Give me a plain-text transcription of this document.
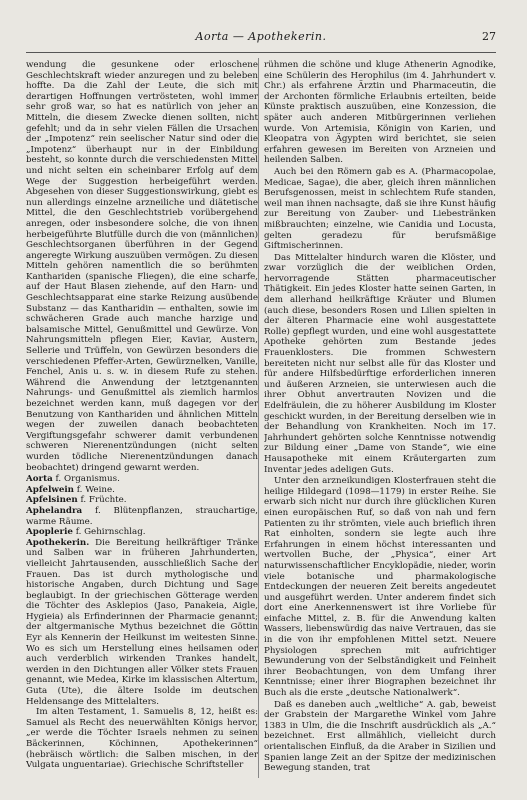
Aorta — Apothekerin.	27

wendung die gesunkene oder erloschene Geschlechtskraft wieder anzuregen und zu beleben hoffte. Da die Zahl der Leute, die sich mit derartigen Hoffnungen vertrösteten, wohl immer sehr groß war, so hat es natürlich von jeher an Mitteln, die diesem Zwecke dienen sollten, nicht gefehlt; und da in sehr vielen Fällen die Ursachen der „Impotenz“ rein seelischer Natur sind oder die „Impotenz“ überhaupt nur in der Einbildung besteht, so konnte durch die verschiedensten Mittel und nicht selten ein scheinbarer Erfolg auf dem Wege der Suggestion herbeigeführt werden. Abgesehen von dieser Suggestionswirkung, giebt es nun allerdings einzelne arzneiliche und diätetische Mittel, die den Geschlechtstrieb vorübergehend anregen, oder insbesondere solche, die von ihnen herbeigeführte Blutfülle durch die von (männlichen) Geschlechtsorganen überführen in der Gegend angeregte Wirkung auszuüben vermögen. Zu diesen Mitteln gehören namentlich die so berühmten Kanthariden (spanische Fliegen), die eine scharfe, auf der Haut Blasen ziehende, auf den Harn- und Geschlechtsapparat eine starke Reizung ausübende Substanz — das Kantharidin — enthalten, sowie im schwächeren Grade auch manche harzige und balsamische Mittel, Genußmittel und Gewürze. Von Nahrungsmitteln pflegen Eier, Kaviar, Austern, Sellerie und Trüffeln, von Gewürzen besonders die verschiedenen Pfeffer-Arten, Gewürznelken, Vanille, Fenchel, Anis u. s. w. in diesem Rufe zu stehen. Während die Anwendung der letztgenannten Nahrungs- und Genußmittel als ziemlich harmlos bezeichnet werden kann, muß dagegen vor der Benutzung von Kanthariden und ähnlichen Mitteln wegen der zuweilen danach beobachteten Vergiftungsgefahr schwerer damit verbundenen schweren Nierenentzündungen (nicht selten wurden tödliche Nierenentzündungen danach beobachtet) dringend gewarnt werden.

Aorta f. Organismus.

Apfelwein f. Weine.

Apfelsinen f. Früchte.

Aphelandra f. Blütenpflanzen, strauchartige, warme Räume.

Apoplerie f. Gehirnschlag.

Apothekerin. Die Bereitung heilkräftiger Tränke und Salben war in früheren Jahrhunderten, vielleicht Jahrtausenden, ausschließlich Sache der Frauen. Das ist durch mythologische und historische Angaben, durch Dichtung und Sage beglaubigt. In der griechischen Götterage werden die Töchter des Asklepios (Jaso, Panakeia, Aigle, Hygieia) als Erfinderinnen der Pharmacie genannt; der altgermanische Mythus bezeichnet die Göttin Eyr als Kennerin der Heilkunst im weitesten Sinne. Wo es sich um Herstellung eines heilsamen oder auch verderblich wirkenden Trankes handelt, werden in den Dichtungen aller Völker stets Frauen genannt, wie Medea, Kirke im klassischen Altertum, Guta (Ute), die ältere Isolde im deutschen Heldensange des Mittelalters.

Im alten Testament, 1. Samuelis 8, 12, heißt es: Samuel als Recht des neuerwählten Königs hervor, „er werde die Töchter Israels nehmen zu seinen Bäckerinnen, Köchinnen, Apothekerinnen“ (hebräisch wörtlich: die Salben mischen, in der Vulgata unguentariae). Griechische Schriftsteller

rühmen die schöne und kluge Athenerin Agnodike, eine Schülerin des Herophilus (im 4. Jahrhundert v. Chr.) als erfahrene Ärztin und Pharmaceutin, die der Archonten förmliche Erlaubnis erteilten, beide Künste praktisch auszuüben, eine Konzession, die später auch anderen Mitbürgerinnen verliehen wurde. Von Artemisia, Königin von Karien, und Kleopatra von Ägypten wird berichtet, sie seien erfahren gewesen im Bereiten von Arzneien und heilenden Salben.

Auch bei den Römern gab es A. (Pharmacopolae, Medicae, Sagae), die aber, gleich ihren männlichen Berufsgenossen, meist in schlechtem Rufe standen, weil man ihnen nachsagte, daß sie ihre Kunst häufig zur Bereitung von Zauber- und Liebestränken mißbrauchten; einzelne, wie Canidia und Locusta, gelten geradezu für berufsmäßige Giftmischerinnen.

Das Mittelalter hindurch waren die Klöster, und zwar vorzüglich die der weiblichen Orden, hervorragende Stätten pharmaceutischer Thätigkeit. Ein jedes Kloster hatte seinen Garten, in dem allerhand heilkräftige Kräuter und Blumen (auch diese, besonders Rosen und Lilien spielten in der älteren Pharmacie eine wohl ausgestattete Rolle) gepflegt wurden, und eine wohl ausgestattete Apotheke gehörten zum Bestande jedes Frauenklosters. Die frommen Schwestern bereiteten nicht nur selbst alle für das Kloster und für andere Hilfsbedürftige erforderlichen inneren und äußeren Arzneien, sie unterwiesen auch die ihrer Obhut anvertrauten Novizen und die Edelfräulein, die zu höherer Ausbildung im Kloster geschickt wurden, in der Bereitung derselben wie in der Behandlung von Krankheiten. Noch im 17. Jahrhundert gehörten solche Kenntnisse notwendig zur Bildung einer „Dame von Stande“, wie eine Hausapotheke mit einem Kräutergarten zum Inventar jedes adeligen Guts.

Unter den arzneikundigen Klosterfrauen steht die heilige Hildegard (1098—1179) in erster Reihe. Sie erwarb sich nicht nur durch ihre glücklichen Kuren einen europäischen Ruf, so daß von nah und fern Patienten zu ihr strömten, viele auch brieflich ihren Rat einholten, sondern sie legte auch ihre Erfahrungen in einem höchst interessanten und wertvollen Buche, der „Physica“, einer Art naturwissenschaftlicher Encyklopädie, nieder, worin viele botanische und pharmakologische Entdeckungen der neueren Zeit bereits angedeutet und ausgeführt werden. Unter anderem findet sich dort eine Anerkennenswert ist ihre Vorliebe für einfache Mittel, z. B. für die Anwendung kalten Wassers, liebenswürdig das naive Vertrauen, das sie in die von ihr empfohlenen Mittel setzt. Neuere Physiologen sprechen mit aufrichtiger Bewunderung von der Selbständigkeit und Feinheit ihrer Beobachtungen, von dem Umfang ihrer Kenntnisse; einer ihrer Biographen bezeichnet ihr Buch als die erste „deutsche Nationalwerk“.

Daß es daneben auch „weltliche“ A. gab, beweist der Grabstein der Margarethe Winkel vom Jahre 1383 in Ulm, die die Inschrift ausdrücklich als „A.“ bezeichnet. Erst allmählich, vielleicht durch orientalischen Einfluß, da die Araber in Sizilien und Spanien lange Zeit an der Spitze der medizinischen Bewegung standen, trat
